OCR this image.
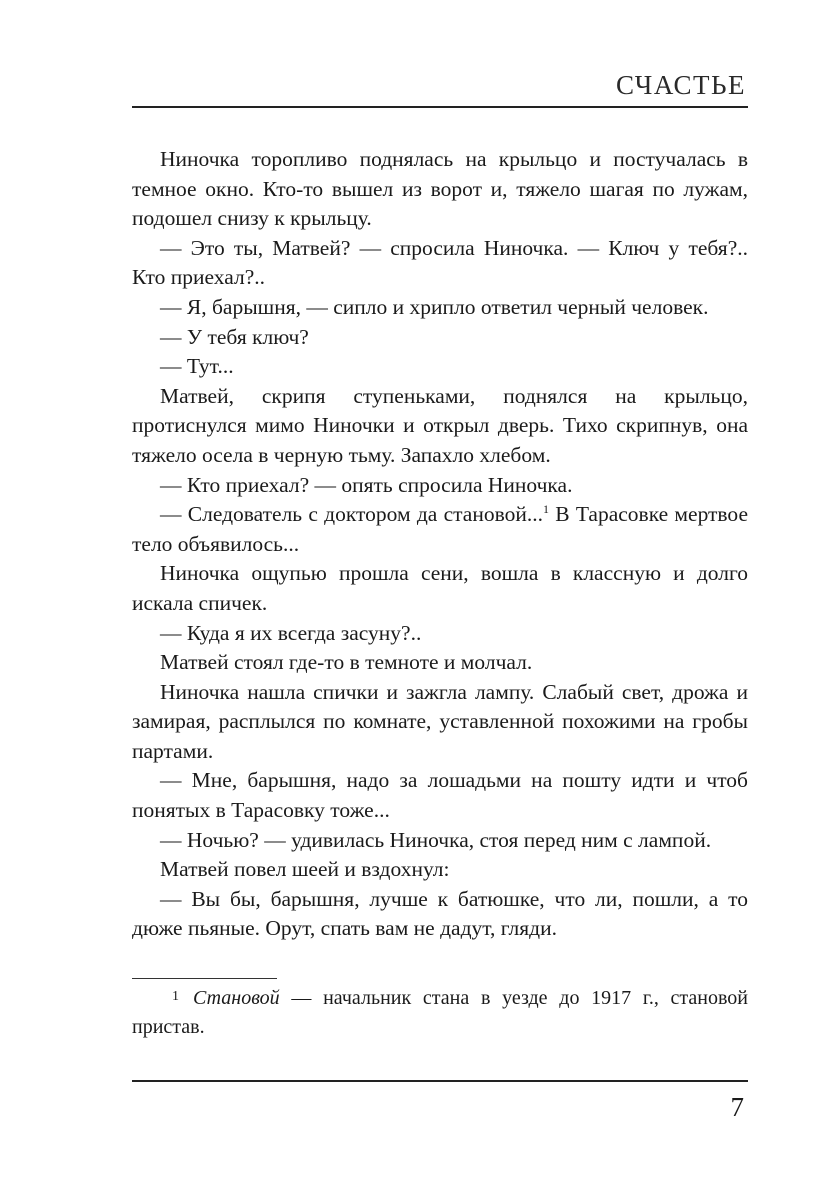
СЧАСТЬЕ

Ниночка торопливо поднялась на крыльцо и постучалась в темное окно. Кто-то вышел из ворот и, тяжело шагая по лужам, подошел снизу к крыльцу.

— Это ты, Матвей? — спросила Ниночка. — Ключ у тебя?.. Кто приехал?..

— Я, барышня, — сипло и хрипло ответил черный человек.

— У тебя ключ?

— Тут...

Матвей, скрипя ступеньками, поднялся на крыльцо, протиснулся мимо Ниночки и открыл дверь. Тихо скрипнув, она тяжело осела в черную тьму. Запахло хлебом.

— Кто приехал? — опять спросила Ниночка.

— Следователь с доктором да становой...$^1$ В Тарасовке мертвое тело объявилось...

Ниночка ощупью прошла сени, вошла в классную и долго искала спичек.

— Куда я их всегда засуну?..

Матвей стоял где-то в темноте и молчал.

Ниночка нашла спички и зажгла лампу. Слабый свет, дрожа и замирая, расплылся по комнате, уставленной похожими на гробы партами.

— Мне, барышня, надо за лошадьми на пошту идти и чтоб понятых в Тарасовку тоже...

— Ночью? — удивилась Ниночка, стоя перед ним с лампой.

Матвей повел шеей и вздохнул:

— Вы бы, барышня, лучше к батюшке, что ли, пошли, а то дюже пьяные. Орут, спать вам не дадут, гляди.

1 Становой — начальник стана в уезде до 1917 г., становой пристав.
7
